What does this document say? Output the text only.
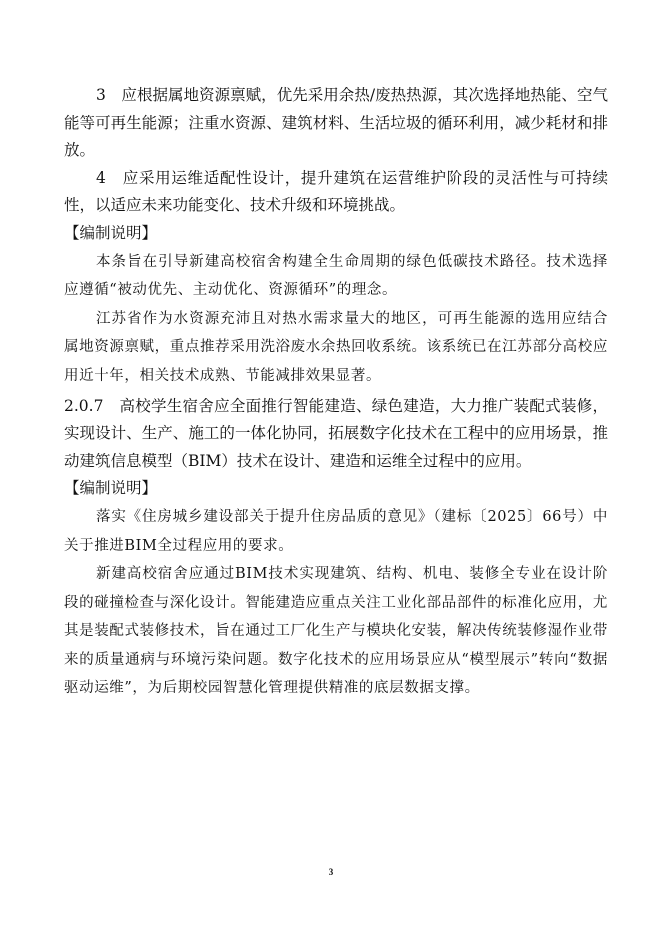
3　应根据属地资源禀赋，优先采用余热/废热热源，其次选择地热能、空气能等可再生能源；注重水资源、建筑材料、生活垃圾的循环利用，减少耗材和排放。

4　应采用运维适配性设计，提升建筑在运营维护阶段的灵活性与可持续性，以适应未来功能变化、技术升级和环境挑战。

【编制说明】

本条旨在引导新建高校宿舍构建全生命周期的绿色低碳技术路径。技术选择应遵循“被动优先、主动优化、资源循环”的理念。

江苏省作为水资源充沛且对热水需求量大的地区，可再生能源的选用应结合属地资源禀赋，重点推荐采用洗浴废水余热回收系统。该系统已在江苏部分高校应用近十年，相关技术成熟、节能减排效果显著。

2.0.7　高校学生宿舍应全面推行智能建造、绿色建造，大力推广装配式装修，实现设计、生产、施工的一体化协同，拓展数字化技术在工程中的应用场景，推动建筑信息模型（BIM）技术在设计、建造和运维全过程中的应用。

【编制说明】

落实《住房城乡建设部关于提升住房品质的意见》（建标〔2025〕66号）中关于推进BIM全过程应用的要求。

新建高校宿舍应通过BIM技术实现建筑、结构、机电、装修全专业在设计阶段的碰撞检查与深化设计。智能建造应重点关注工业化部品部件的标准化应用，尤其是装配式装修技术，旨在通过工厂化生产与模块化安装，解决传统装修湿作业带来的质量通病与环境污染问题。数字化技术的应用场景应从“模型展示”转向“数据驱动运维”，为后期校园智慧化管理提供精准的底层数据支撑。

3
